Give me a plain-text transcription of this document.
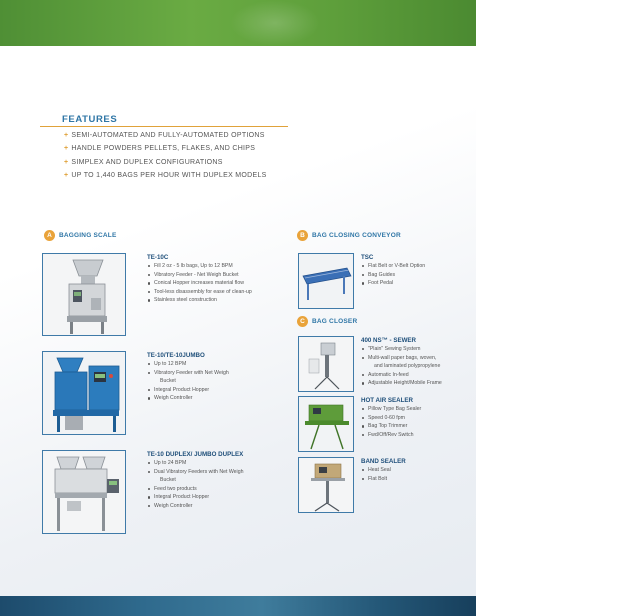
FEATURES
+ SEMI-AUTOMATED AND FULLY-AUTOMATED OPTIONS
+ HANDLE POWDERS PELLETS, FLAKES, AND CHIPS
+ SIMPLEX AND DUPLEX CONFIGURATIONS
+ UP TO 1,440 BAGS PER HOUR WITH DUPLEX MODELS
A	BAGGING SCALE	B	BAG CLOSING CONVEYOR
C	BAG CLOSER
TE-10C
Fill 2 oz - 5 lb bags, Up to 12 BPM
Vibratory Feeder - Net Weigh Bucket
Conical Hopper increases material flow
Tool-less disassembly for ease of clean-up
Stainless steel construction
TE-10/TE-10JUMBO
Up to 12 BPM
Vibratory Feeder with Net Weigh
Bucket
Integral Product Hopper
Weigh Controller
TE-10 DUPLEX/ JUMBO DUPLEX
Up to 24 BPM
Dual Vibratory Feeders with Net Weigh
Bucket
Feed two products
Integral Product Hopper
Weigh Controller
TSC
Flat Belt or V-Belt Option
Bag Guides
Foot Pedal
400 NS™ - SEWER
"Plain" Sewing System
Multi-wall paper bags, woven,
and laminated polypropylene
Automatic In-feed
Adjustable Height/Mobile Frame
HOT AIR SEALER
Pillow Type Bag Sealer
Speed 0-60 fpm
Bag Top Trimmer
Fwd/Off/Rev Switch
BAND SEALER
Heat Seal
Flat Bolt
